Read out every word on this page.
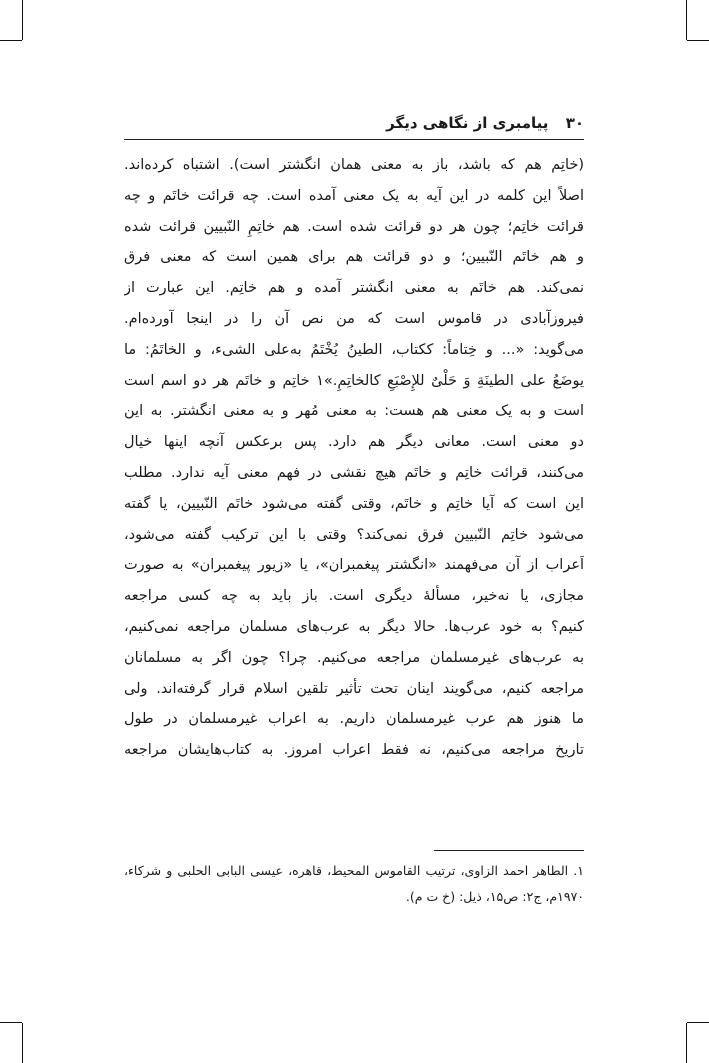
۳۰ پیامبری از نگاهی دیگر
(خاتِم هم که باشد، باز به معنی همان انگشتر است). اشتباه کرده‌اند.
اصلاً این کلمه در این آیه به یک معنی آمده است. چه قرائت خاتَم و چه
قرائت خاتِم؛ چون هر دو قرائت شده است. هم خاتِمِ النّبیین قرائت شده
و هم خاتَم النّبیین؛ و دو قرائت هم برای همین است که معنی فرق
نمی‌کند. هم خاتَم به معنی انگشتر آمده و هم خاتِم. این عبارت از
فیروزآبادی در قاموس است که من نص آن را در اینجا آورده‌ام.
می‌گوید: «... و خِتاماً: ککتاب، الطینُ یُخْتَمُ به‌علی الشیء، و الخاتَمُ: ما
یوضَعُ علی الطینَةِ وَ حَلْیٌ للإِصْبَعِ کالخاتِمِ.»۱ خاتِم و خاتَم هر دو اسم است
است و به یک معنی هم هست: به معنی مُهر و به معنی انگشتر. به این
دو معنی است. معانی دیگر هم دارد. پس برعکس آنچه اینها خیال
می‌کنند، قرائت خاتِم و خاتَم هیچ نقشی در فهم معنی آیه ندارد. مطلب
این است که آیا خاتِم و خاتَم، وقتی گفته می‌شود خاتَم النّبیین، یا گفته
می‌شود خاتِم النّبیین فرق نمی‌کند؟ وقتی با این ترکیب گفته می‌شود،
اَعراب از آن می‌فهمند «انگشتر پیغمبران»، یا «زیور پیغمبران» به صورت
مجازی، یا نه‌خیر، مسألهٔ دیگری است. باز باید به چه کسی مراجعه
کنیم؟ به خود عرب‌ها. حالا دیگر به عرب‌های مسلمان مراجعه نمی‌کنیم،
به عرب‌های غیرمسلمان مراجعه می‌کنیم. چرا؟ چون اگر به مسلمانان
مراجعه کنیم، می‌گویند اینان تحت تأثیر تلقین اسلام قرار گرفته‌اند. ولی
ما هنوز هم عرب غیرمسلمان داریم. به اعراب غیرمسلمان در طول
تاریخ مراجعه می‌کنیم، نه فقط اعراب امروز. به کتاب‌هایشان مراجعه
۱. الطاهر احمد الزاوی، ترتیب القاموس المحیط، قاهره، عیسی البابی الحلبی و شرکاء،
۱۹۷۰م، ج۲: ص۱۵، ذیل: (خ ت م).
